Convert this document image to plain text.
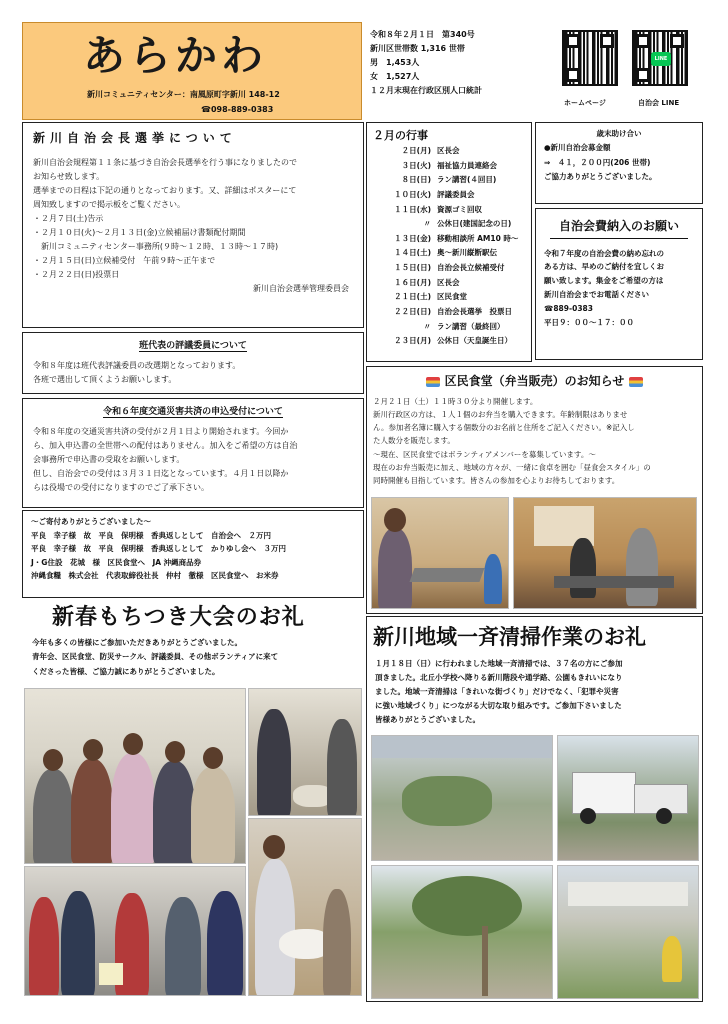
あらかわ
新川コミュニティセンター：南風原町字新川 148-12
☎098-889-0383
令和８年２月１日　第340号
新川区世帯数 1,316 世帯
男　1,453人
女　1,527人
１２月末現在行政区別人口統計
LINE
ホームページ	自治会 LINE
新川自治会長選挙について
新川自治会規程第１１条に基づき自治会長選挙を行う事になりましたので
お知らせ致します。
選挙までの日程は下記の通りとなっております。又、詳細はポスターにて
周知致しますので掲示板をご覧ください。
・２月７日(土)告示
・２月１０日(火)～２月１３日(金)立候補届け書類配付期間
　新川コミュニティセンター事務所(９時～１２時、１３時～１７時)
・２月１５日(日)立候補受付　午前９時～正午まで
・２月２２日(日)投票日
新川自治会選挙管理委員会
２月の行事
２日(月) 区長会
３日(火) 福祉協力員連絡会
８日(日) ラン講習(４回目)
１０日(火) 評議委員会
１１日(水) 資源ゴミ回収
〃 公休日(建国記念の日)
１３日(金) 移動相談所 AM10 時～
１４日(土) 奥～新川縦断駅伝
１５日(日) 自治会長立候補受付
１６日(月) 区長会
２１日(土) 区民食堂
２２日(日) 自治会長選挙　投票日
〃 ラン講習（最終回）
２３日(月) 公休日（天皇誕生日）
歳末助け合い
●新川自治会募金額
⇒　４１，２００円(206 世帯)
ご協力ありがとうございました。
自治会費納入のお願い
令和７年度の自治会費の納め忘れの
ある方は、早めのご納付を宜しくお
願い致します。集金をご希望の方は
新川自治会までお電話ください
☎889-0383
平日９：００～１７：００
班代表の評議委員について
令和８年度は班代表評議委員の改選期となっております。
各班で選出して頂くようお願いします。
令和６年度交通災害共済の申込受付について
令和８年度の交通災害共済の受付が２月１日より開始されます。今回か
ら、加入申込書の全世帯への配付はありません。加入をご希望の方は自治
会事務所で申込書の受取をお願いします。
但し、自治会での受付は３月３１日迄となっています。４月１日以降か
らは役場での受付になりますのでご了承下さい。
区民食堂（弁当販売）のお知らせ
２月２１日（土）１１時３０分より開催します。
新川行政区の方は、１人１個のお弁当を購入できます。年齢制限はありませ
ん。参加者名簿に購入する個数分のお名前と住所をご記入ください。※記入し
た人数分を販売します。
～現在、区民食堂ではボランティアメンバーを募集しています。～
現在のお弁当販売に加え、地域の方々が、一緒に食卓を囲む「昼食会スタイル」の
同時開催も目指しています。皆さんの参加を心よりお待ちしております。
～ご寄付ありがとうございました～
平良　幸子様　故　平良　保明様　香典返しとして　自治会へ　２万円
平良　幸子様　故　平良　保明様　香典返しとして　かりゆし会へ　３万円
J・G住設　花城　様　区民食堂へ　JA 沖縄商品券
沖縄食糧　株式会社　代表取締役社長　仲村　徹様　区民食堂へ　お米券
新春もちつき大会のお礼
今年も多くの皆様にご参加いただきありがとうございました。
青年会、区民食堂、防災サークル、評議委員、その他ボランティアに来て
くださった皆様、ご協力誠にありがとうございました。
新川地域一斉清掃作業のお礼
１月１８日（日）に行われました地域一斉清掃では、３７名の方にご参加
頂きました。北丘小学校へ降りる新川階段や通学路、公園もきれいになり
ました。地域一斉清掃は「きれいな街づくり」だけでなく、「犯罪や災害
に強い地域づくり」につながる大切な取り組みです。ご参加下さいました
皆様ありがとうございました。
